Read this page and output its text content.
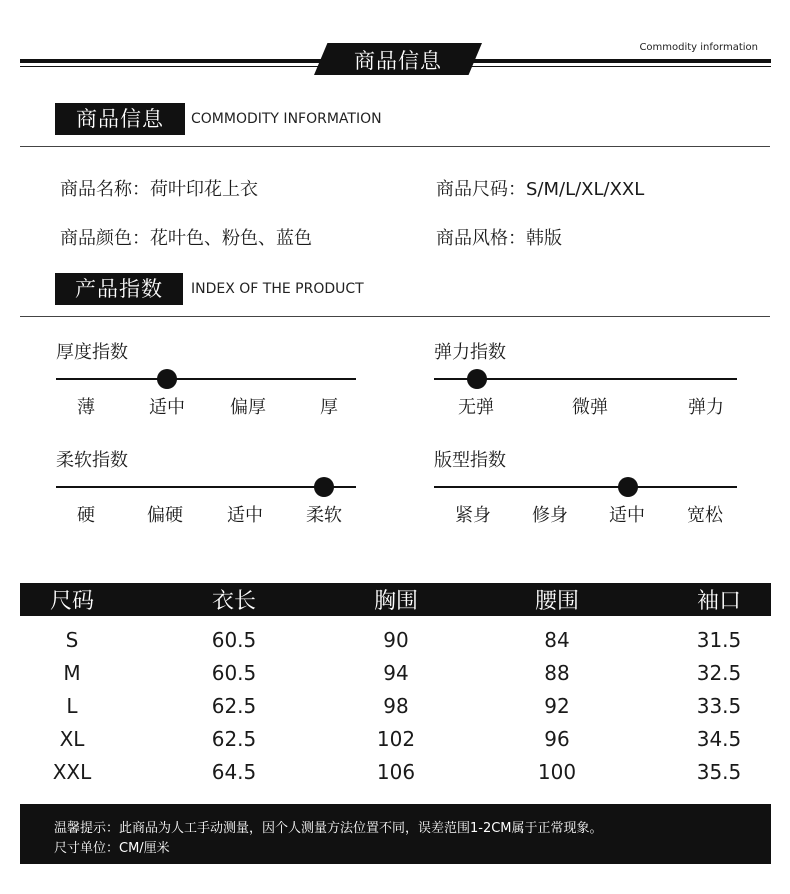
商品信息
Commodity information
商品信息	COMMODITY INFORMATION
商品名称：荷叶印花上衣	商品尺码：S/M/L/XL/XXL
商品颜色：花叶色、粉色、蓝色	商品风格：韩版
产品指数	INDEX OF THE PRODUCT
厚度指数
薄	适中	偏厚	厚
弹力指数
无弹	微弹	弹力
柔软指数
硬	偏硬 适中 柔软
版型指数
紧身 修身 适中 宽松
尺码	衣长	胸围	腰围	袖口
S	60.5	90	84	31.5
M	60.5	94	88	32.5
L	62.5	98	92	33.5
XL	62.5	102	96	34.5
XXL	64.5	106	100	35.5
温馨提示：此商品为人工手动测量，因个人测量方法位置不同，误差范围1-2CM属于正常现象。
尺寸单位：CM/厘米
